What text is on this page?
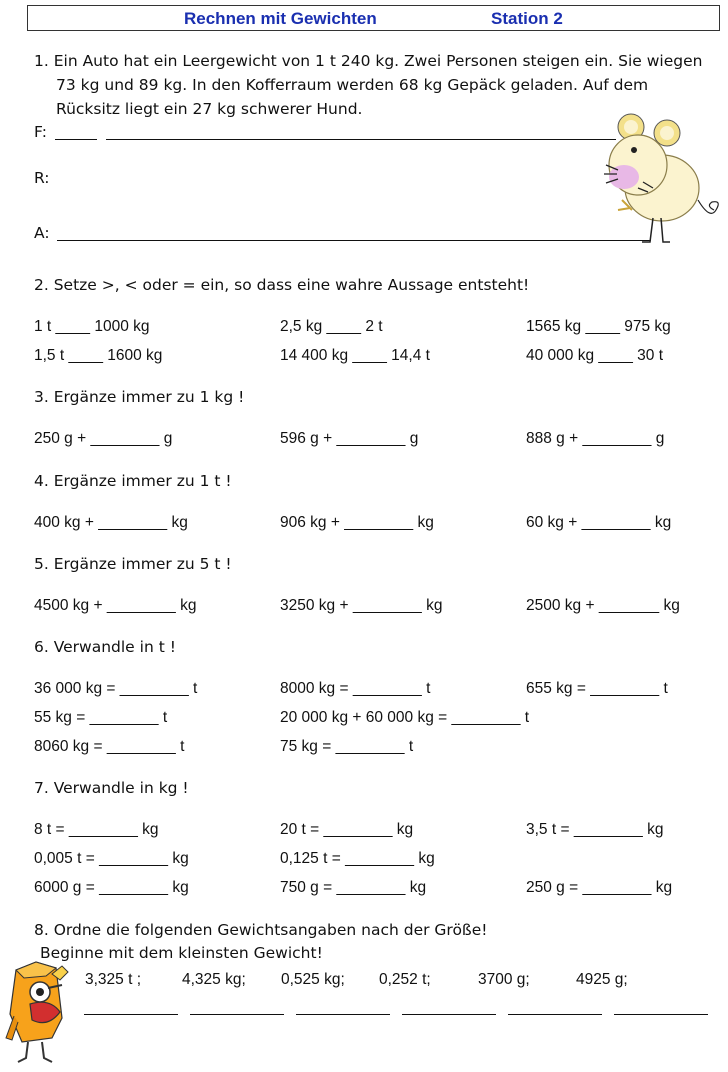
Rechnen mit Gewichten	Station 2
1. Ein Auto hat ein Leergewicht von 1 t 240 kg. Zwei Personen steigen ein. Sie wiegen
73 kg und 89 kg. In den Kofferraum werden 68 kg Gepäck geladen. Auf dem
Rücksitz liegt ein 27 kg schwerer Hund.
F:
R:
A:
2. Setze >, < oder = ein, so dass eine wahre Aussage entsteht!
1 t ____ 1000 kg	2,5 kg ____ 2 t	1565 kg ____ 975 kg
1,5 t ____ 1600 kg	14 400 kg ____ 14,4 t	40 000 kg ____ 30 t
3. Ergänze immer zu 1 kg !
250 g + ________ g	596 g + ________ g	888 g + ________ g
4. Ergänze immer zu 1 t !
400 kg + ________ kg	906 kg + ________ kg	60 kg + ________ kg
5. Ergänze immer zu 5 t !
4500 kg + ________ kg	3250 kg + ________ kg	2500 kg + _______ kg
6. Verwandle in t !
36 000 kg = ________ t	8000 kg = ________ t	655 kg = ________ t
55 kg = ________ t	20 000 kg + 60 000 kg = ________ t
8060 kg = ________ t	75 kg = ________ t
7. Verwandle in kg !
8 t = ________ kg	20 t = ________ kg	3,5 t = ________ kg
0,005 t = ________ kg	0,125 t = ________ kg
6000 g = ________ kg	750 g = ________ kg	250 g = ________ kg
8. Ordne die folgenden Gewichtsangaben nach der Größe!
Beginne mit dem kleinsten Gewicht!
3,325 t ;	4,325 kg; 0,525 kg; 0,252 t;	3700 g;	4925 g;
